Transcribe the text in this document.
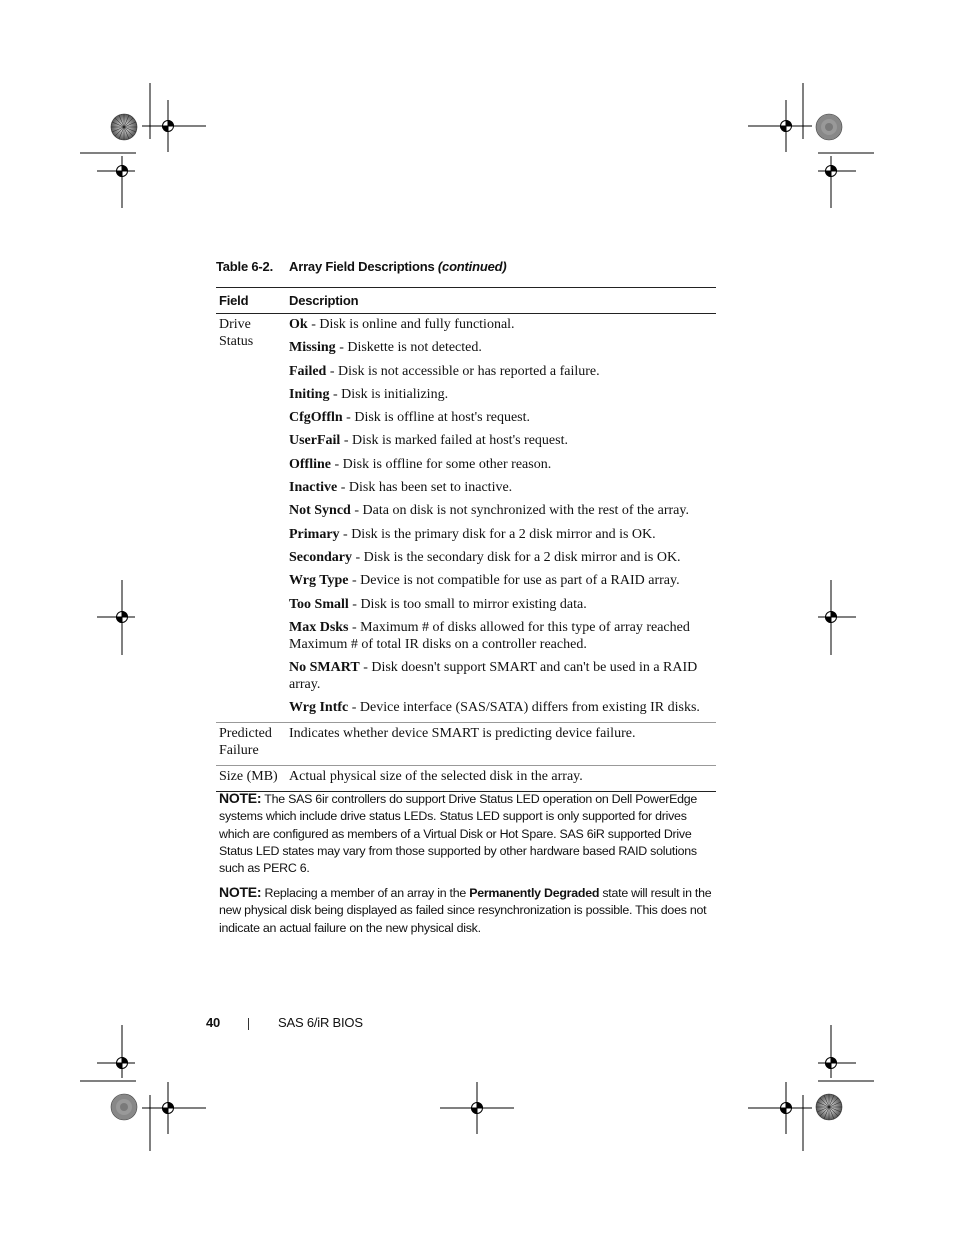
Table 6-2. Array Field Descriptions (continued)
Field	Description
Drive Status
Ok - Disk is online and fully functional.
Missing - Diskette is not detected.
Failed - Disk is not accessible or has reported a failure.
Initing - Disk is initializing.
CfgOffln - Disk is offline at host's request.
UserFail - Disk is marked failed at host's request.
Offline - Disk is offline for some other reason.
Inactive - Disk has been set to inactive.
Not Syncd - Data on disk is not synchronized with the rest of the array.
Primary - Disk is the primary disk for a 2 disk mirror and is OK.
Secondary - Disk is the secondary disk for a 2 disk mirror and is OK.
Wrg Type - Device is not compatible for use as part of a RAID array.
Too Small - Disk is too small to mirror existing data.
Max Dsks - Maximum # of disks allowed for this type of array reached Maximum # of total IR disks on a controller reached.
No SMART - Disk doesn't support SMART and can't be used in a RAID array.
Wrg Intfc - Device interface (SAS/SATA) differs from existing IR disks.
Predicted Failure
Indicates whether device SMART is predicting device failure.
Size (MB) Actual physical size of the selected disk in the array.
NOTE: The SAS 6ir controllers do support Drive Status LED operation on Dell PowerEdge systems which include drive status LEDs. Status LED support is only supported for drives which are configured as members of a Virtual Disk or Hot Spare. SAS 6iR supported Drive Status LED states may vary from those supported by other hardware based RAID solutions such as PERC 6.
NOTE: Replacing a member of an array in the Permanently Degraded state will result in the new physical disk being displayed as failed since resynchronization is possible. This does not indicate an actual failure on the new physical disk.
40	SAS 6/iR BIOS
